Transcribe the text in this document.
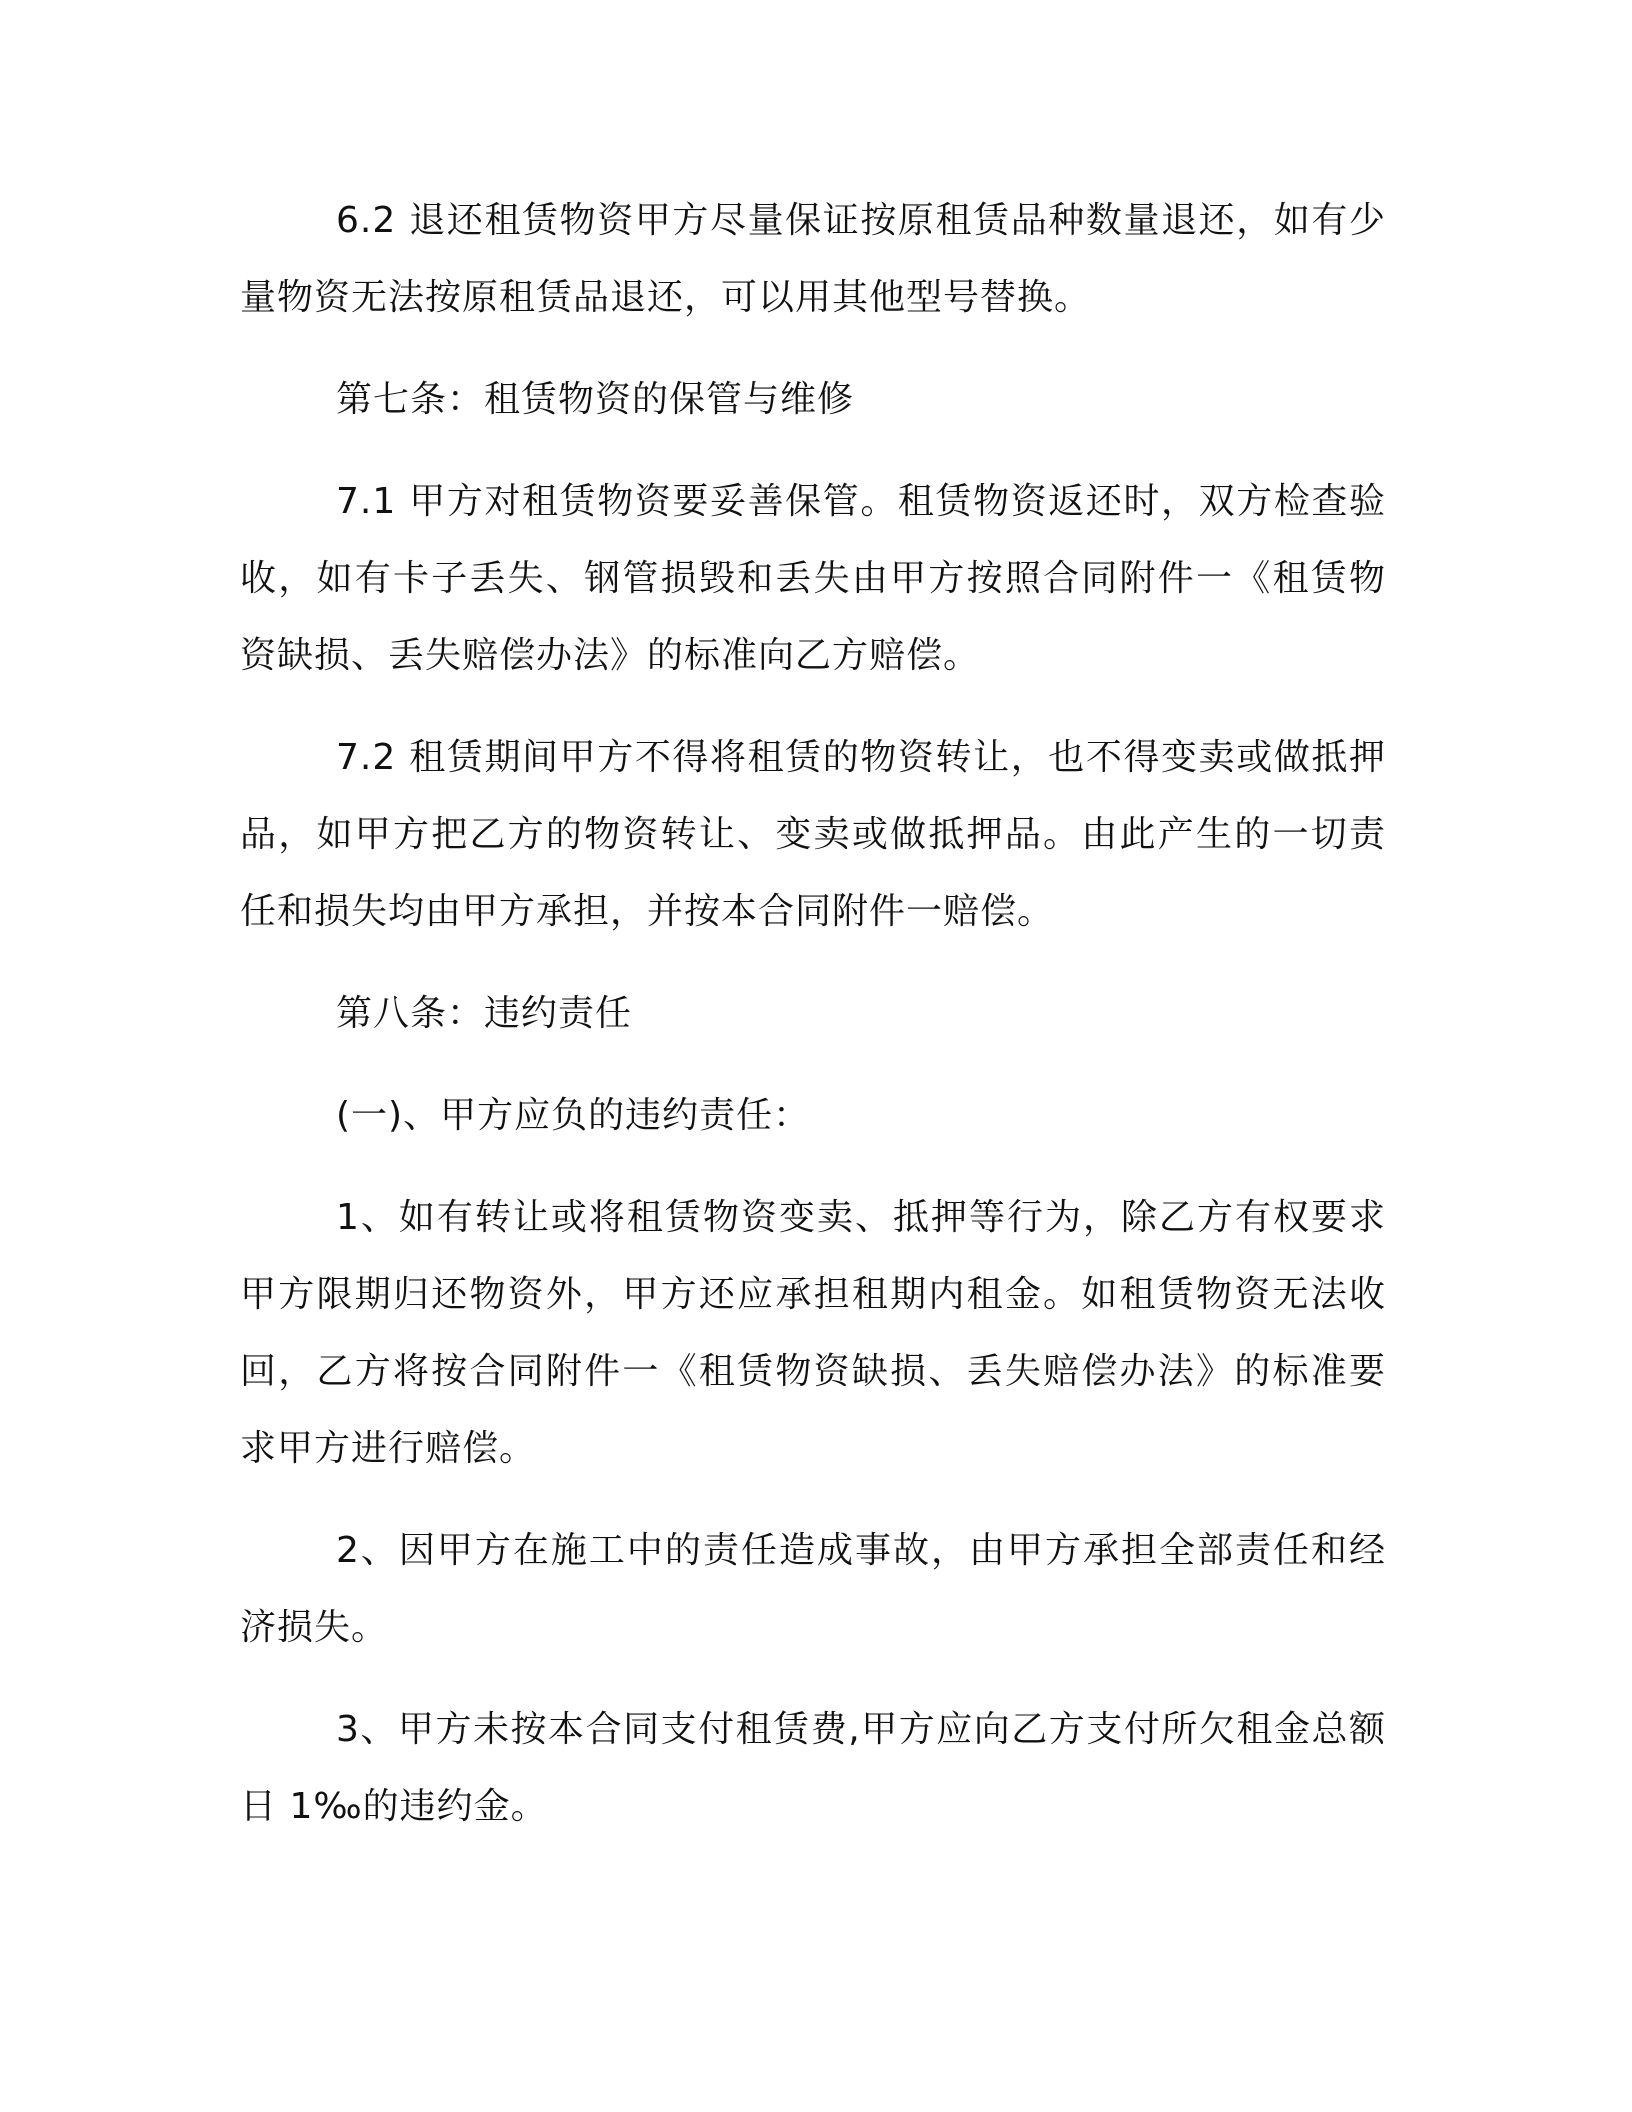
6.2 退还租赁物资甲方尽量保证按原租赁品种数量退还，如有少量物资无法按原租赁品退还，可以用其他型号替换。

第七条：租赁物资的保管与维修

7.1 甲方对租赁物资要妥善保管。租赁物资返还时，双方检查验收，如有卡子丢失、钢管损毁和丢失由甲方按照合同附件一《租赁物资缺损、丢失赔偿办法》的标准向乙方赔偿。

7.2 租赁期间甲方不得将租赁的物资转让，也不得变卖或做抵押品，如甲方把乙方的物资转让、变卖或做抵押品。由此产生的一切责任和损失均由甲方承担，并按本合同附件一赔偿。

第八条：违约责任

(一)、甲方应负的违约责任：

1、如有转让或将租赁物资变卖、抵押等行为，除乙方有权要求甲方限期归还物资外，甲方还应承担租期内租金。如租赁物资无法收回，乙方将按合同附件一《租赁物资缺损、丢失赔偿办法》的标准要求甲方进行赔偿。

2、因甲方在施工中的责任造成事故，由甲方承担全部责任和经济损失。

3、甲方未按本合同支付租赁费,甲方应向乙方支付所欠租金总额日 1‰的违约金。
